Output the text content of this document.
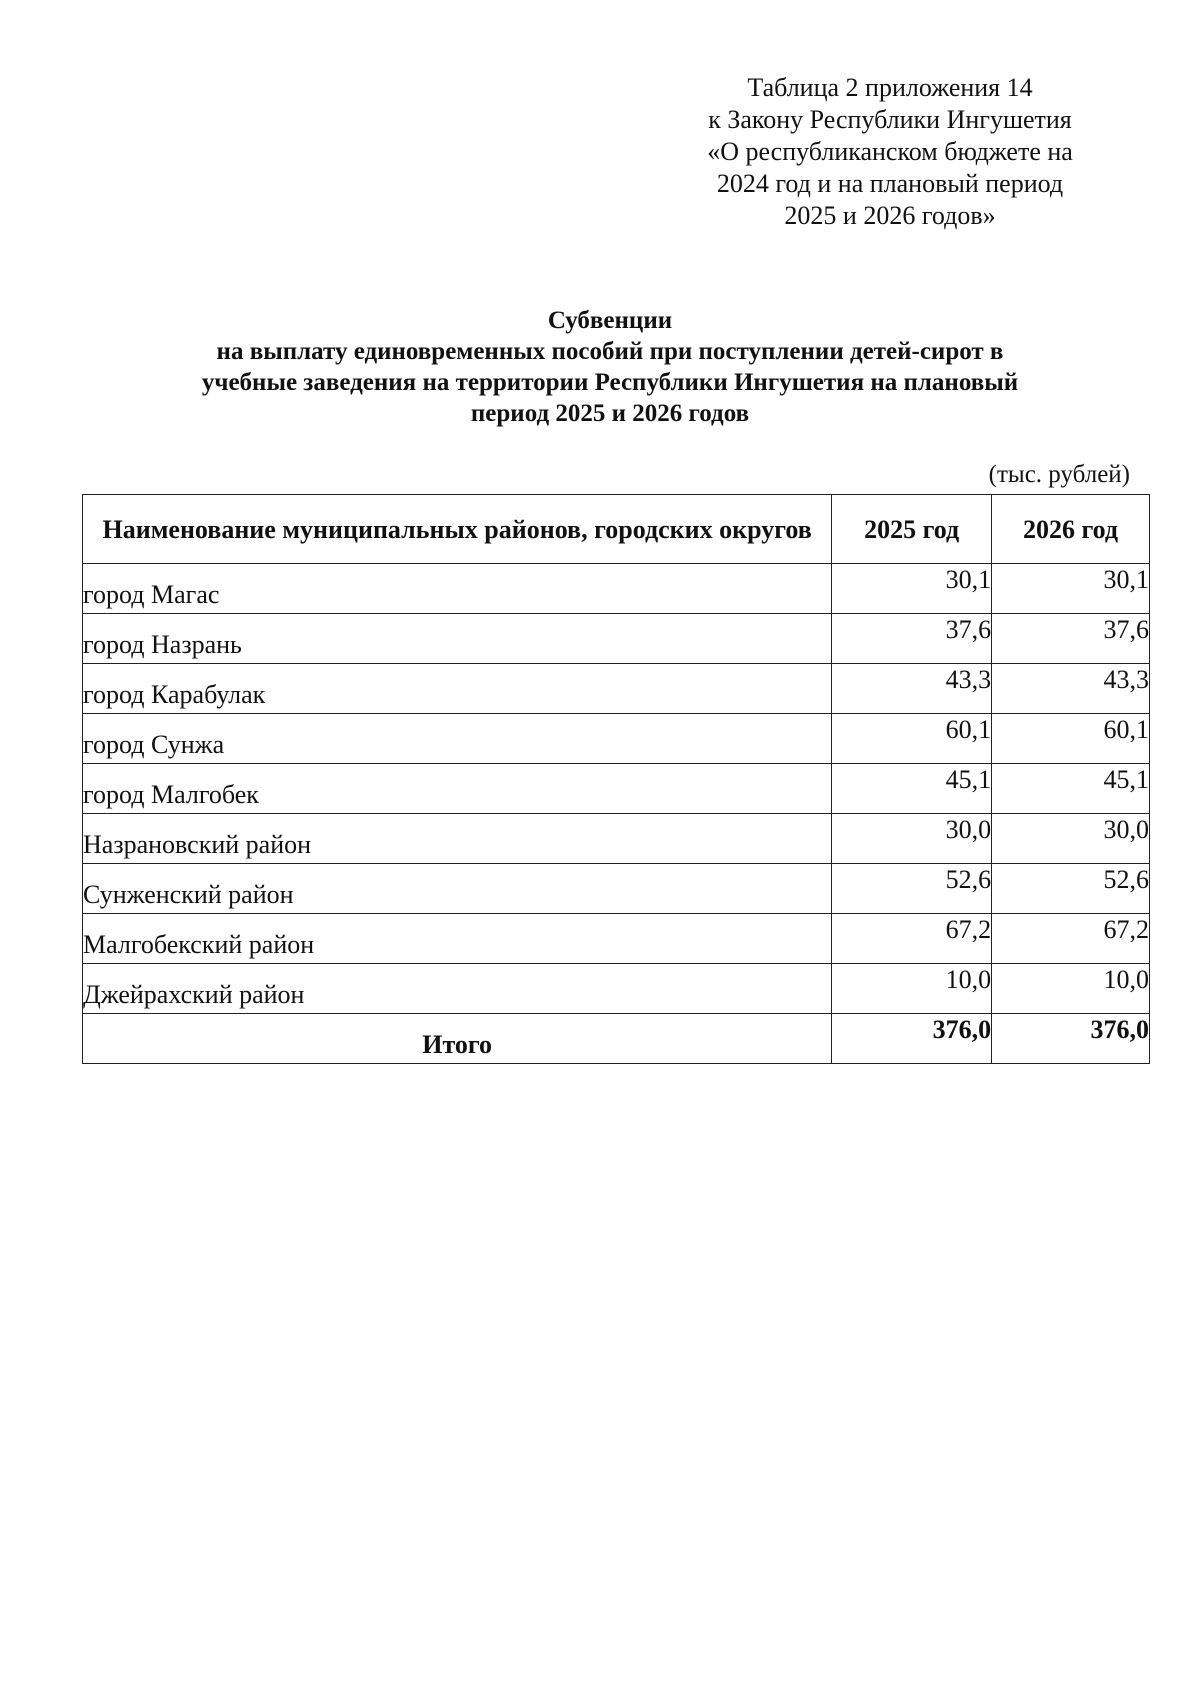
Таблица 2 приложения 14
к Закону Республики Ингушетия
«О республиканском бюджете на
2024 год и на плановый период
2025 и 2026 годов»
Субвенции
на выплату единовременных пособий при поступлении детей-сирот в
учебные заведения на территории Республики Ингушетия на плановый
период 2025 и 2026 годов
(тыс. рублей)
Наименование муниципальных районов, городских округов	2025 год	2026 год
город Магас	30,1	30,1
город Назрань	37,6	37,6
город Карабулак	43,3	43,3
город Сунжа	60,1	60,1
город Малгобек	45,1	45,1
Назрановский район	30,0	30,0
Сунженский район	52,6	52,6
Малгобекский район	67,2	67,2
Джейрахский район	10,0	10,0
Итого	376,0	376,0
